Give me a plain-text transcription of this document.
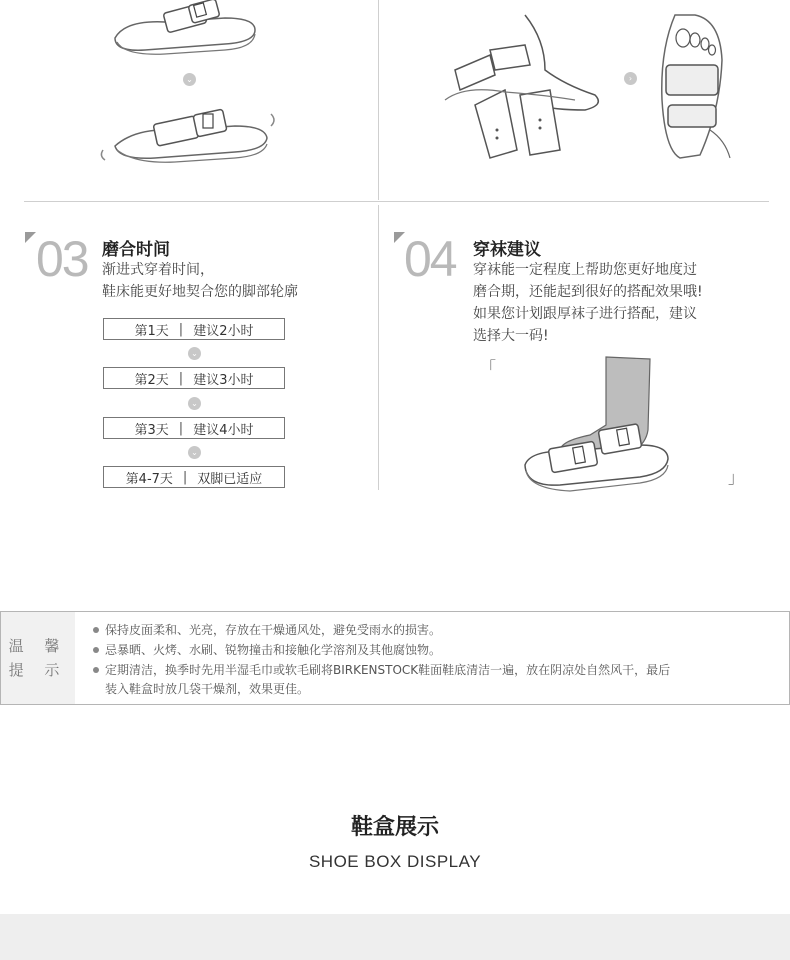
⌄	›
03 磨合时间
渐进式穿着时间，
鞋床能更好地契合您的脚部轮廓
第1天 | 建议2小时
⌄
第2天 | 建议3小时
⌄
第3天 | 建议4小时
⌄
第4-7天 | 双脚已适应
04 穿袜建议
穿袜能一定程度上帮助您更好地度过
磨合期，还能起到很好的搭配效果哦!
如果您计划跟厚袜子进行搭配，建议
选择大一码!
「
」
温 馨
提 示
保持皮面柔和、光亮，存放在干燥通风处，避免受雨水的损害。
忌暴晒、火烤、水刷、锐物撞击和接触化学溶剂及其他腐蚀物。
定期清洁，换季时先用半湿毛巾或软毛刷将BIRKENSTOCK鞋面鞋底清洁一遍，放在阴凉处自然风干，最后
装入鞋盒时放几袋干燥剂，效果更佳。
鞋盒展示
SHOE BOX DISPLAY
